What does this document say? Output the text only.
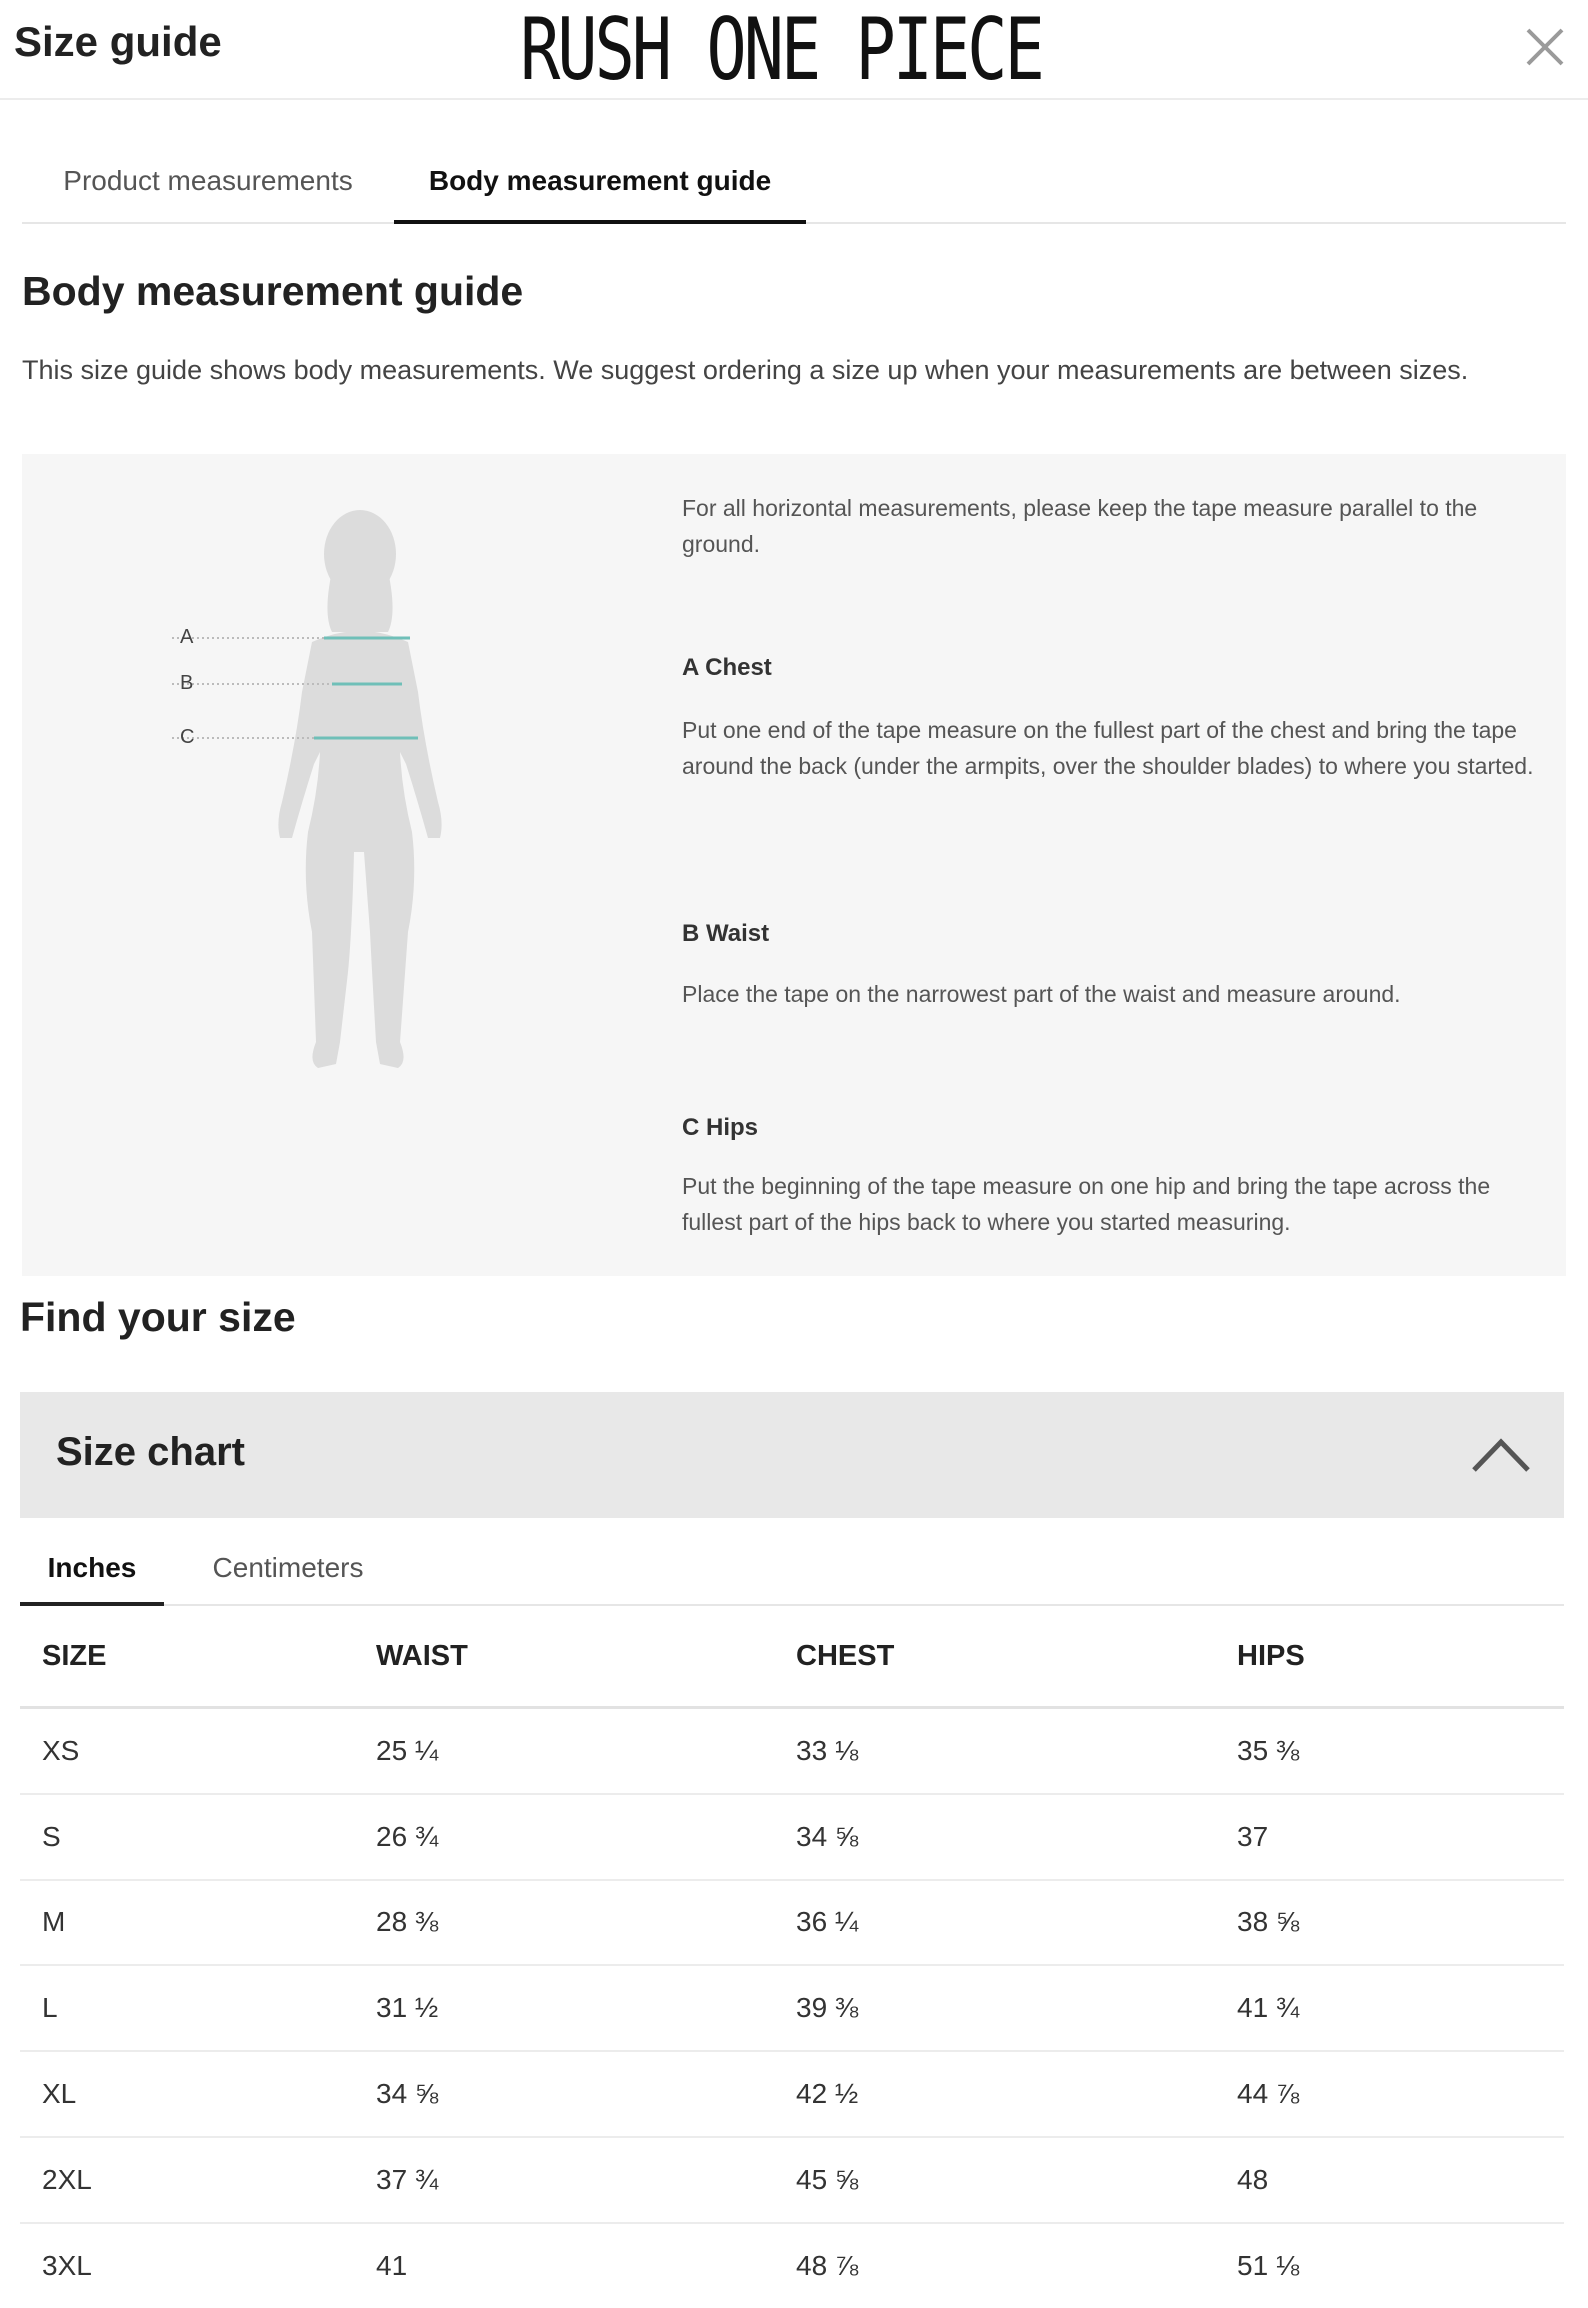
Size guide	RUSH ONE PIECE
Product measurements	Body measurement guide
Body measurement guide
This size guide shows body measurements. We suggest ordering a size up when your measurements are between sizes.
A
B
C
For all horizontal measurements, please keep the tape measure parallel to the ground.
A Chest
Put one end of the tape measure on the fullest part of the chest and bring the tape around the back (under the armpits, over the shoulder blades) to where you started.
B Waist
Place the tape on the narrowest part of the waist and measure around.
C Hips
Put the beginning of the tape measure on one hip and bring the tape across the fullest part of the hips back to where you started measuring.
Find your size
Size chart
Inches	Centimeters
SIZE	WAIST	CHEST	HIPS
XS	25 ¼	33 ⅛	35 ⅜
S	26 ¾	34 ⅝	37
M	28 ⅜	36 ¼	38 ⅝
L	31 ½	39 ⅜	41 ¾
XL	34 ⅝	42 ½	44 ⅞
2XL	37 ¾	45 ⅝	48
3XL	41	48 ⅞	51 ⅛
